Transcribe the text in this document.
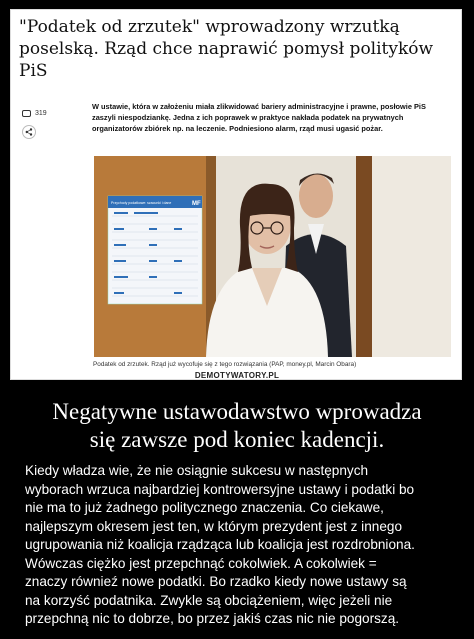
"Podatek od zrzutek" wprowadzony wrzutką
poselską. Rząd chce naprawić pomysł polityków
PiS
319
W ustawie, która w założeniu miała zlikwidować bariery administracyjne i prawne, posłowie PiS
zaszyli niespodziankę. Jedna z ich poprawek w praktyce nakłada podatek na prywatnych
organizatorów zbiórek np. na leczenie. Podniesiono alarm, rząd musi ugasić pożar.
Przychody podatkowe: szacunki i dane	MF
Podatek od zrzutek. Rząd już wycofuje się z tego rozwiązania (PAP, money.pl, Marcin Obara)
DEMOTYWATORY.PL
Negatywne ustawodawstwo wprowadza
się zawsze pod koniec kadencji.
Kiedy władza wie, że nie osiągnie sukcesu w następnych
wyborach wrzuca najbardziej kontrowersyjne ustawy i podatki bo
nie ma to już żadnego politycznego znaczenia. Co ciekawe,
najlepszym okresem jest ten, w którym prezydent jest z innego
ugrupowania niż koalicja rządząca lub koalicja jest rozdrobniona.
Wówczas ciężko jest przepchnąć cokolwiek. A cokolwiek =
znaczy równieź nowe podatki. Bo rzadko kiedy nowe ustawy są
na korzyść podatnika. Zwykle są obciążeniem, więc jeżeli nie
przepchną nic to dobrze, bo przez jakiś czas nic nie pogorszą.
